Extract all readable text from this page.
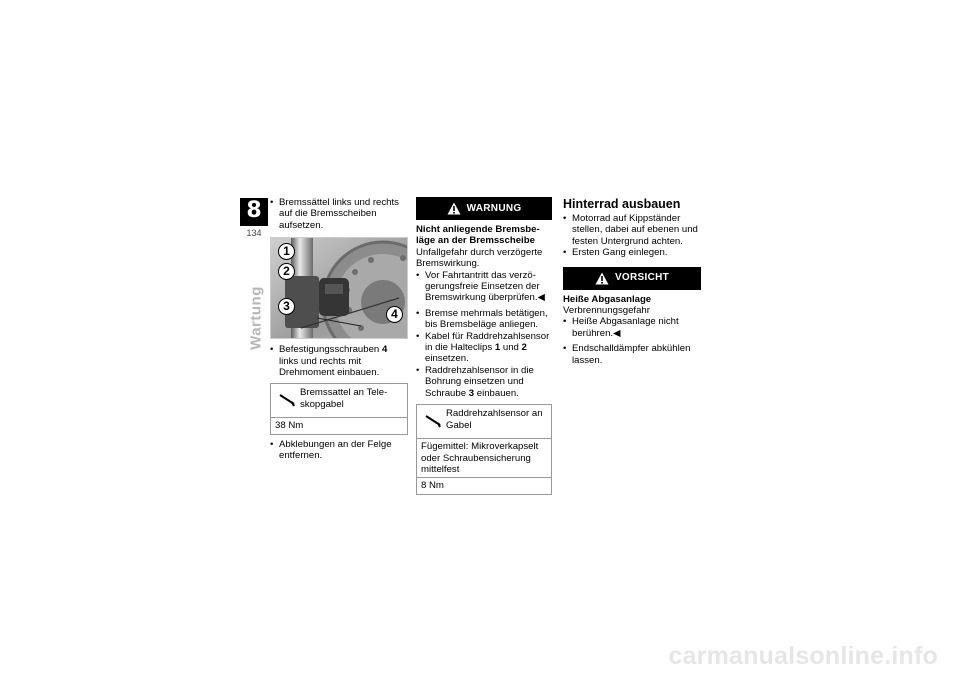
8
134
Wartung
• Bremssättel links und rechts auf die Bremsscheiben aufsetzen.
1
2
3
4
• Befestigungsschrauben 4 links und rechts mit Drehmoment einbauen.
Bremssattel an Teleskopgabel
38 Nm
• Abklebungen an der Felge entfernen.
WARNUNG
Nicht anliegende Bremsbeläge an der Bremsscheibe
Unfallgefahr durch verzögerte Bremswirkung.
• Vor Fahrtantritt das verzögerungsfreie Einsetzen der Bremswirkung überprüfen.◀
• Bremse mehrmals betätigen, bis Bremsbeläge anliegen.
• Kabel für Raddrehzahlsensor in die Halteclips 1 und 2 einsetzen.
• Raddrehzahlsensor in die Bohrung einsetzen und Schraube 3 einbauen.
Raddrehzahlsensor an Gabel
Fügemittel: Mikroverkapselt oder Schraubensicherung mittelfest
8 Nm
Hinterrad ausbauen
• Motorrad auf Kippständer stellen, dabei auf ebenen und festen Untergrund achten.
• Ersten Gang einlegen.
VORSICHT
Heiße Abgasanlage
Verbrennungsgefahr
• Heiße Abgasanlage nicht berühren.◀
• Endschalldämpfer abkühlen lassen.
carmanualsonline.info
